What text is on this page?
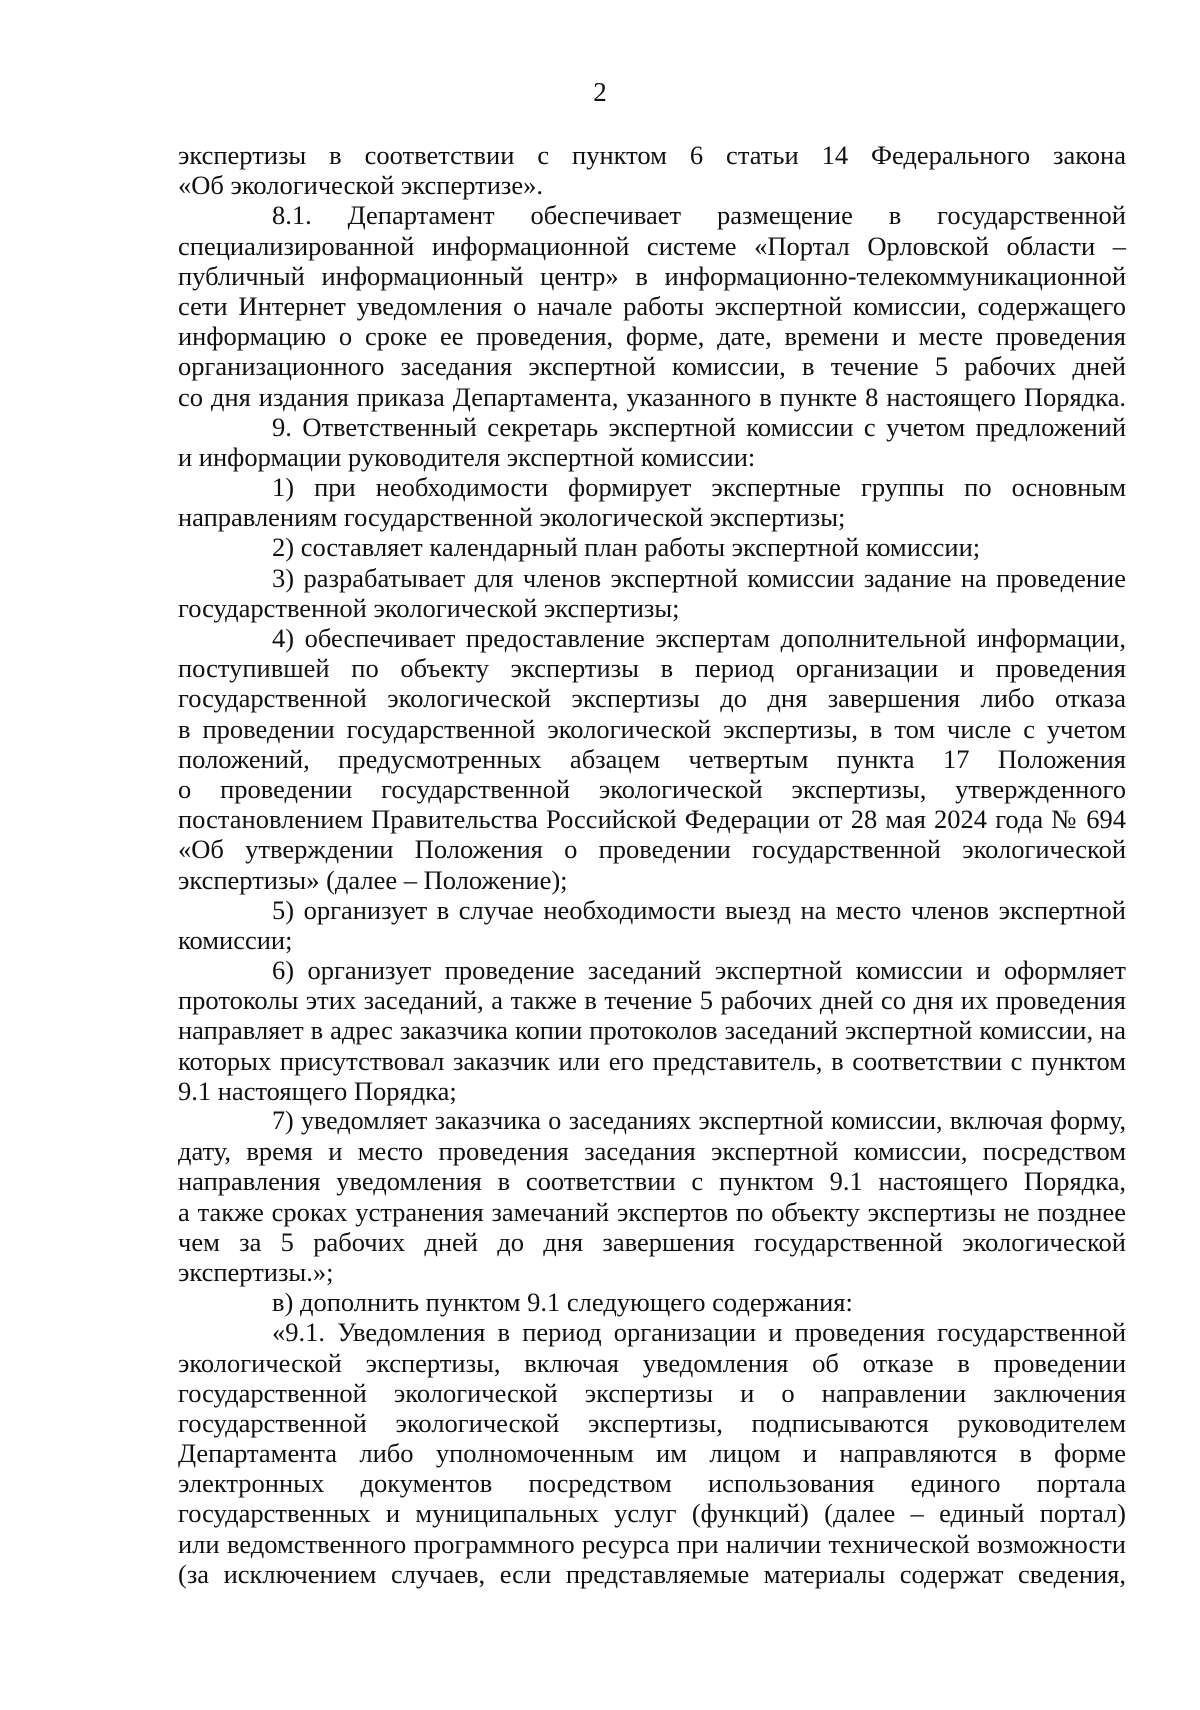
2
экспертизы в соответствии с пунктом 6 статьи 14 Федерального закона
«Об экологической экспертизе».
8.1. Департамент обеспечивает размещение в государственной
специализированной информационной системе «Портал Орловской области –
публичный информационный центр» в информационно-телекоммуникационной
сети Интернет уведомления о начале работы экспертной комиссии, содержащего
информацию о сроке ее проведения, форме, дате, времени и месте проведения
организационного заседания экспертной комиссии, в течение 5 рабочих дней
со дня издания приказа Департамента, указанного в пункте 8 настоящего Порядка.
9. Ответственный секретарь экспертной комиссии с учетом предложений
и информации руководителя экспертной комиссии:
1) при необходимости формирует экспертные группы по основным
направлениям государственной экологической экспертизы;
2) составляет календарный план работы экспертной комиссии;
3) разрабатывает для членов экспертной комиссии задание на проведение
государственной экологической экспертизы;
4) обеспечивает предоставление экспертам дополнительной информации,
поступившей по объекту экспертизы в период организации и проведения
государственной экологической экспертизы до дня завершения либо отказа
в проведении государственной экологической экспертизы, в том числе с учетом
положений, предусмотренных абзацем четвертым пункта 17 Положения
о проведении государственной экологической экспертизы, утвержденного
постановлением Правительства Российской Федерации от 28 мая 2024 года № 694
«Об утверждении Положения о проведении государственной экологической
экспертизы» (далее – Положение);
5) организует в случае необходимости выезд на место членов экспертной
комиссии;
6) организует проведение заседаний экспертной комиссии и оформляет
протоколы этих заседаний, а также в течение 5 рабочих дней со дня их проведения
направляет в адрес заказчика копии протоколов заседаний экспертной комиссии, на
которых присутствовал заказчик или его представитель, в соответствии с пунктом
9.1 настоящего Порядка;
7) уведомляет заказчика о заседаниях экспертной комиссии, включая форму,
дату, время и место проведения заседания экспертной комиссии, посредством
направления уведомления в соответствии с пунктом 9.1 настоящего Порядка,
а также сроках устранения замечаний экспертов по объекту экспертизы не позднее
чем за 5 рабочих дней до дня завершения государственной экологической
экспертизы.»;
в) дополнить пунктом 9.1 следующего содержания:
«9.1. Уведомления в период организации и проведения государственной
экологической экспертизы, включая уведомления об отказе в проведении
государственной экологической экспертизы и о направлении заключения
государственной экологической экспертизы, подписываются руководителем
Департамента либо уполномоченным им лицом и направляются в форме
электронных документов посредством использования единого портала
государственных и муниципальных услуг (функций) (далее – единый портал)
или ведомственного программного ресурса при наличии технической возможности
(за исключением случаев, если представляемые материалы содержат сведения,
